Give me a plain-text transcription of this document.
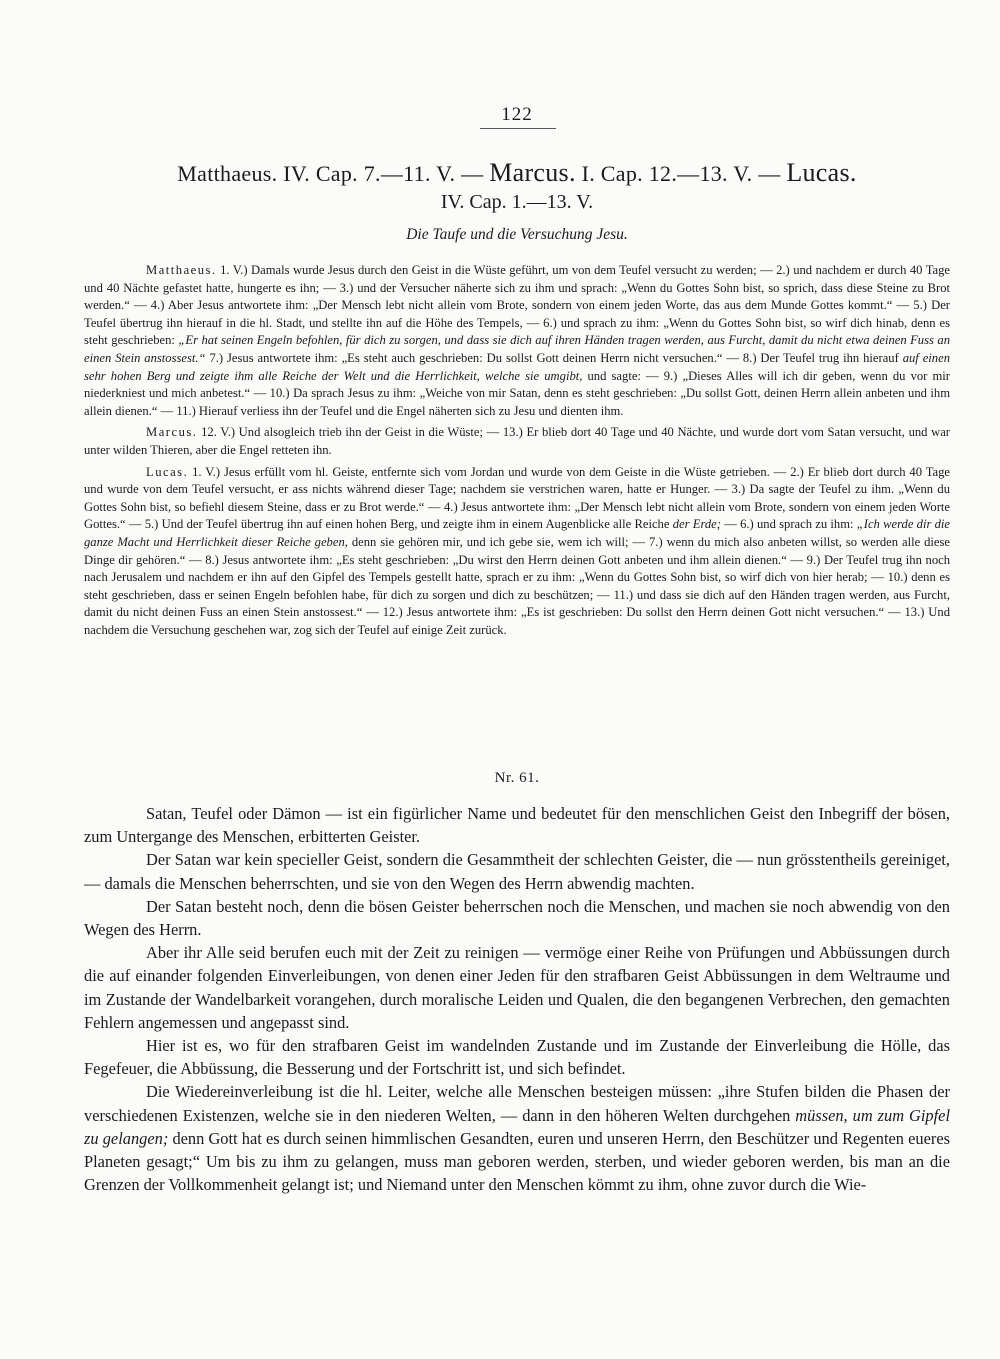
122
Matthaeus. IV. Cap. 7.—11. V. — Marcus. I. Cap. 12.—13. V. — Lucas.
IV. Cap. 1.—13. V.
Die Taufe und die Versuchung Jesu.

Matthaeus. 1. V.) Damals wurde Jesus durch den Geist in die Wüste geführt, um von dem Teufel versucht zu werden; — 2.) und nachdem er durch 40 Tage und 40 Nächte gefastet hatte, hungerte es ihn; — 3.) und der Versucher näherte sich zu ihm und sprach: „Wenn du Gottes Sohn bist, so sprich, dass diese Steine zu Brot werden.“ — 4.) Aber Jesus antwortete ihm: „Der Mensch lebt nicht allein vom Brote, sondern von einem jeden Worte, das aus dem Munde Gottes kommt.“ — 5.) Der Teufel übertrug ihn hierauf in die hl. Stadt, und stellte ihn auf die Höhe des Tempels, — 6.) und sprach zu ihm: „Wenn du Gottes Sohn bist, so wirf dich hinab, denn es steht geschrieben: „Er hat seinen Engeln befohlen, für dich zu sorgen, und dass sie dich auf ihren Händen tragen werden, aus Furcht, damit du nicht etwa deinen Fuss an einen Stein anstossest.“ 7.) Jesus antwortete ihm: „Es steht auch geschrieben: Du sollst Gott deinen Herrn nicht versuchen.“ — 8.) Der Teufel trug ihn hierauf auf einen sehr hohen Berg und zeigte ihm alle Reiche der Welt und die Herrlichkeit, welche sie umgibt, und sagte: — 9.) „Dieses Alles will ich dir geben, wenn du vor mir niederkniest und mich anbetest.“ — 10.) Da sprach Jesus zu ihm: „Weiche von mir Satan, denn es steht geschrieben: „Du sollst Gott, deinen Herrn allein anbeten und ihm allein dienen.“ — 11.) Hierauf verliess ihn der Teufel und die Engel näherten sich zu Jesu und dienten ihm.

Marcus. 12. V.) Und alsogleich trieb ihn der Geist in die Wüste; — 13.) Er blieb dort 40 Tage und 40 Nächte, und wurde dort vom Satan versucht, und war unter wilden Thieren, aber die Engel retteten ihn.

Lucas. 1. V.) Jesus erfüllt vom hl. Geiste, entfernte sich vom Jordan und wurde von dem Geiste in die Wüste getrieben. — 2.) Er blieb dort durch 40 Tage und wurde von dem Teufel versucht, er ass nichts während dieser Tage; nachdem sie verstrichen waren, hatte er Hunger. — 3.) Da sagte der Teufel zu ihm. „Wenn du Gottes Sohn bist, so befiehl diesem Steine, dass er zu Brot werde.“ — 4.) Jesus antwortete ihm: „Der Mensch lebt nicht allein vom Brote, sondern von einem jeden Worte Gottes.“ — 5.) Und der Teufel übertrug ihn auf einen hohen Berg, und zeigte ihm in einem Augenblicke alle Reiche der Erde; — 6.) und sprach zu ihm: „Ich werde dir die ganze Macht und Herrlichkeit dieser Reiche geben, denn sie gehören mir, und ich gebe sie, wem ich will; — 7.) wenn du mich also anbeten willst, so werden alle diese Dinge dir gehören.“ — 8.) Jesus antwortete ihm: „Es steht geschrieben: „Du wirst den Herrn deinen Gott anbeten und ihm allein dienen.“ — 9.) Der Teufel trug ihn noch nach Jerusalem und nachdem er ihn auf den Gipfel des Tempels gestellt hatte, sprach er zu ihm: „Wenn du Gottes Sohn bist, so wirf dich von hier herab; — 10.) denn es steht geschrieben, dass er seinen Engeln befohlen habe, für dich zu sorgen und dich zu beschützen; — 11.) und dass sie dich auf den Händen tragen werden, aus Furcht, damit du nicht deinen Fuss an einen Stein anstossest.“ — 12.) Jesus antwortete ihm: „Es ist geschrieben: Du sollst den Herrn deinen Gott nicht versuchen.“ — 13.) Und nachdem die Versuchung geschehen war, zog sich der Teufel auf einige Zeit zurück.

Nr. 61.

Satan, Teufel oder Dämon — ist ein figürlicher Name und bedeutet für den menschlichen Geist den Inbegriff der bösen, zum Untergange des Menschen, erbitterten Geister.

Der Satan war kein specieller Geist, sondern die Gesammtheit der schlechten Geister, die — nun grösstentheils gereiniget, — damals die Menschen beherrschten, und sie von den Wegen des Herrn abwendig machten.

Der Satan besteht noch, denn die bösen Geister beherrschen noch die Menschen, und machen sie noch abwendig von den Wegen des Herrn.

Aber ihr Alle seid berufen euch mit der Zeit zu reinigen — vermöge einer Reihe von Prüfungen und Abbüssungen durch die auf einander folgenden Einverleibungen, von denen einer Jeden für den strafbaren Geist Abbüssungen in dem Weltraume und im Zustande der Wandelbarkeit vorangehen, durch moralische Leiden und Qualen, die den begangenen Verbrechen, den gemachten Fehlern angemessen und angepasst sind.

Hier ist es, wo für den strafbaren Geist im wandelnden Zustande und im Zustande der Einverleibung die Hölle, das Fegefeuer, die Abbüssung, die Besserung und der Fortschritt ist, und sich befindet.

Die Wiedereinverleibung ist die hl. Leiter, welche alle Menschen besteigen müssen: „ihre Stufen bilden die Phasen der verschiedenen Existenzen, welche sie in den niederen Welten, — dann in den höheren Welten durchgehen müssen, um zum Gipfel zu gelangen; denn Gott hat es durch seinen himmlischen Gesandten, euren und unseren Herrn, den Beschützer und Regenten eueres Planeten gesagt;“ Um bis zu ihm zu gelangen, muss man geboren werden, sterben, und wieder geboren werden, bis man an die Grenzen der Vollkommenheit gelangt ist; und Niemand unter den Menschen kömmt zu ihm, ohne zuvor durch die Wie-
